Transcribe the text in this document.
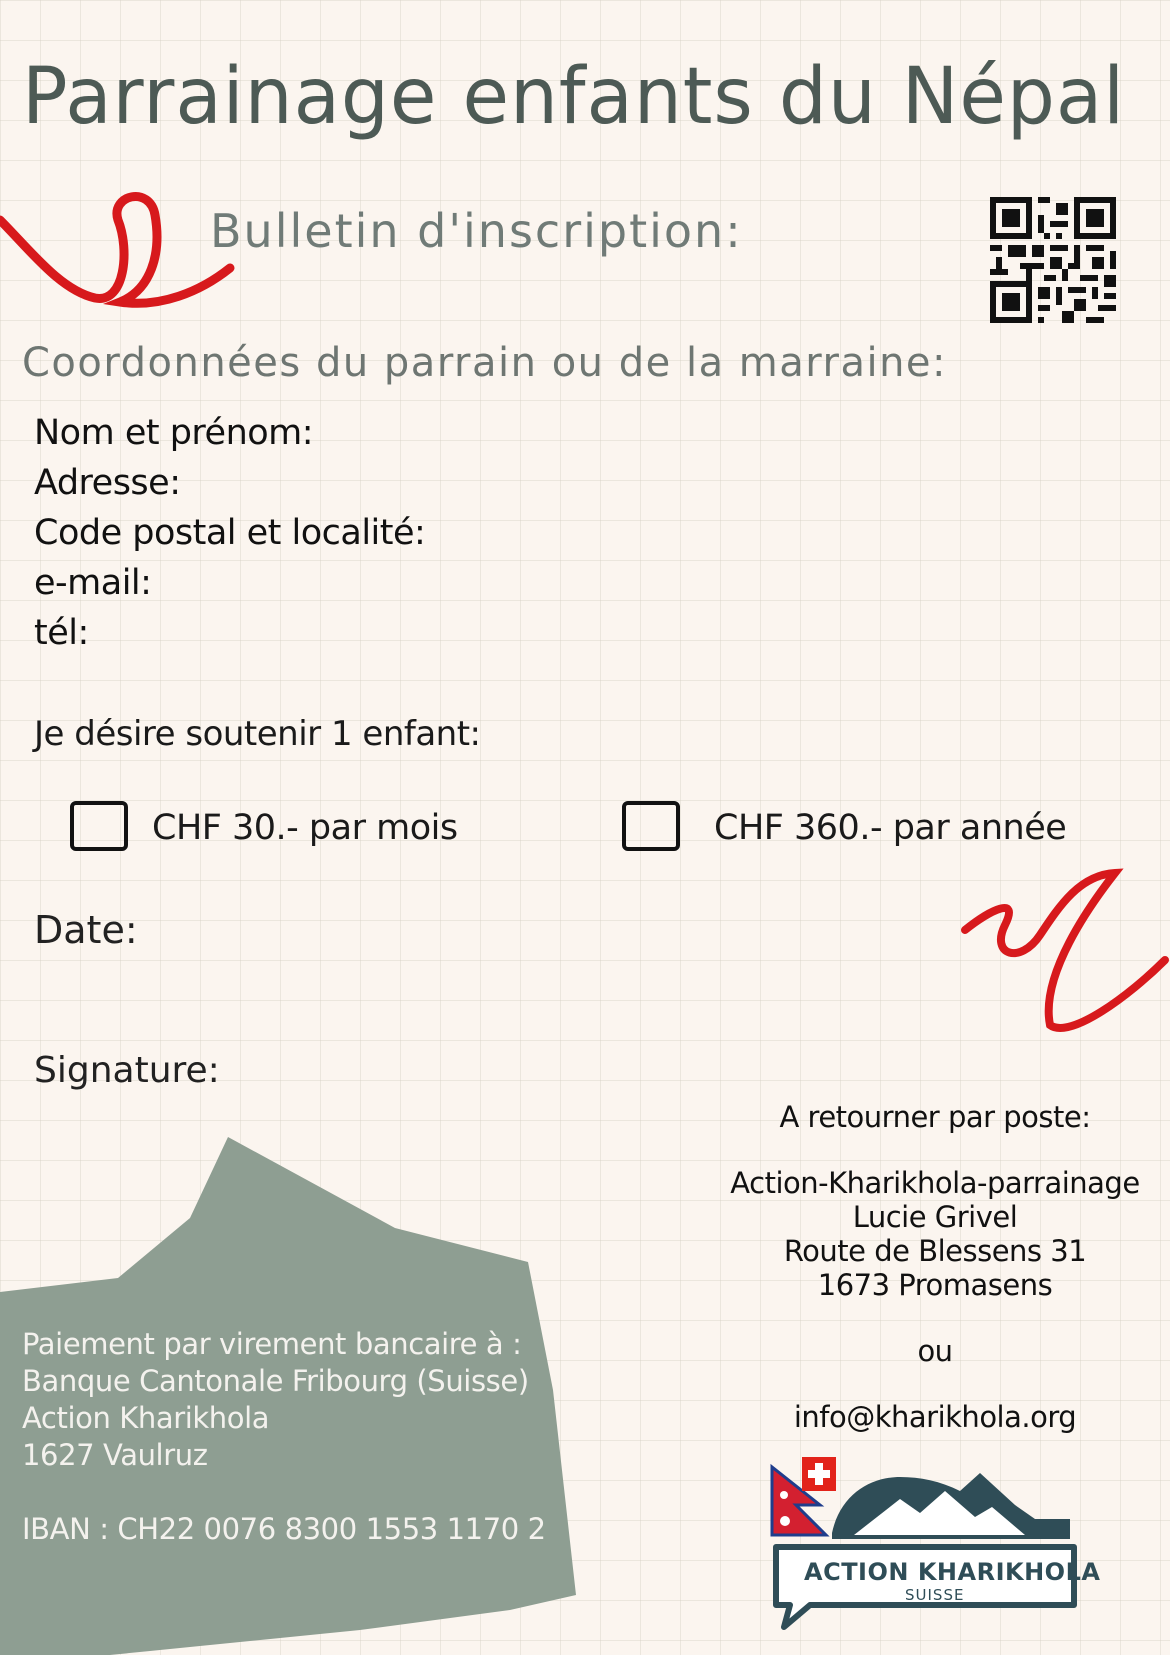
Parrainage enfants du Népal
Bulletin d'inscription:
Coordonnées du parrain ou de la marraine:
Nom et prénom:
Adresse:
Code postal et localité:
e-mail:
tél:
Je désire soutenir 1 enfant:
CHF 30.- par mois	CHF 360.- par année
Date:
Signature:
A retourner par poste:
Action-Kharikhola-parrainage
Lucie Grivel
Route de Blessens 31
1673 Promasens
ou
info@kharikhola.org
Paiement par virement bancaire à :
Banque Cantonale Fribourg (Suisse)
Action Kharikhola
1627 Vaulruz
IBAN : CH22 0076 8300 1553 1170 2
ACTION KHARIKHOLA
SUISSE
